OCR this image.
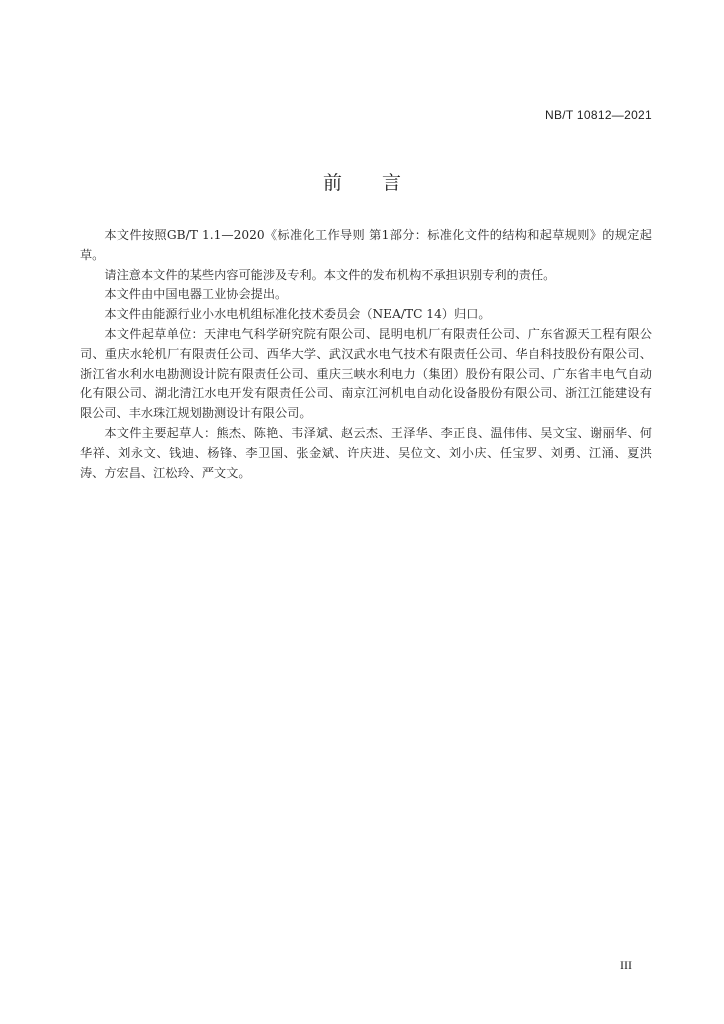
NB/T 10812—2021
前言

本文件按照GB/T 1.1—2020《标准化工作导则 第1部分：标准化文件的结构和起草规则》的规定起草。

请注意本文件的某些内容可能涉及专利。本文件的发布机构不承担识别专利的责任。

本文件由中国电器工业协会提出。

本文件由能源行业小水电机组标准化技术委员会（NEA/TC 14）归口。

本文件起草单位：天津电气科学研究院有限公司、昆明电机厂有限责任公司、广东省源天工程有限公司、重庆水轮机厂有限责任公司、西华大学、武汉武水电气技术有限责任公司、华自科技股份有限公司、浙江省水利水电勘测设计院有限责任公司、重庆三峡水利电力（集团）股份有限公司、广东省丰电气自动化有限公司、湖北清江水电开发有限责任公司、南京江河机电自动化设备股份有限公司、浙江江能建设有限公司、丰水珠江规划勘测设计有限公司。

本文件主要起草人：熊杰、陈艳、韦泽斌、赵云杰、王泽华、李正良、温伟伟、吴文宝、谢丽华、何华祥、刘永文、钱迪、杨锋、李卫国、张金斌、许庆进、吴位文、刘小庆、任宝罗、刘勇、江涌、夏洪涛、方宏昌、江松玲、严文文。

III
